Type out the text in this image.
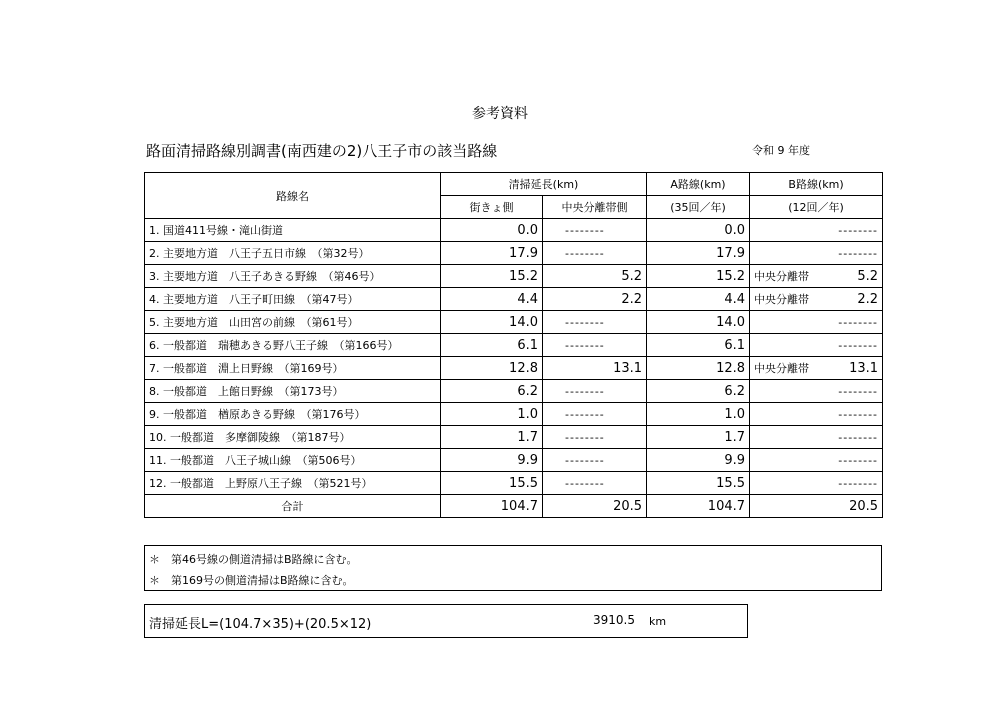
参考資料
路面清掃路線別調書(南西建の2)八王子市の該当路線	令和 9 年度
路線名	清掃延長(km)		A路線(km)	B路線(km)
	街きょ側	中央分離帯側	(35回／年)	(12回／年)
1. 国道411号線・滝山街道	0.0	--------	0.0	--------

2. 主要地方道　八王子五日市線　（第32号）	17.9	--------	17.9	--------

3. 主要地方道　八王子あきる野線　（第46号）	15.2	5.2	15.2	中央分離帯 5.2

4. 主要地方道　八王子町田線　（第47号）	4.4	2.2	4.4	中央分離帯 2.2

5. 主要地方道　山田宮の前線　（第61号）	14.0	--------	14.0	--------

6. 一般都道　瑞穂あきる野八王子線　（第166号）	6.1	--------	6.1	--------

7. 一般都道　淵上日野線　（第169号）	12.8	13.1	12.8	中央分離帯 13.1

8. 一般都道　上館日野線　（第173号）	6.2	--------	6.2	--------

9. 一般都道　楢原あきる野線　（第176号）	1.0	--------	1.0	--------

10. 一般都道　多摩御陵線　（第187号）	1.7	--------	1.7	--------

11. 一般都道　八王子城山線　（第506号）	9.9	--------	9.9	--------

12. 一般都道　上野原八王子線　（第521号）	15.5	--------	15.5	--------

合計	104.7	20.5	104.7	20.5
＊　第46号線の側道清掃はB路線に含む。
＊　第169号の側道清掃はB路線に含む。
清掃延長L=(104.7×35)+(20.5×12)	3910.5 km
